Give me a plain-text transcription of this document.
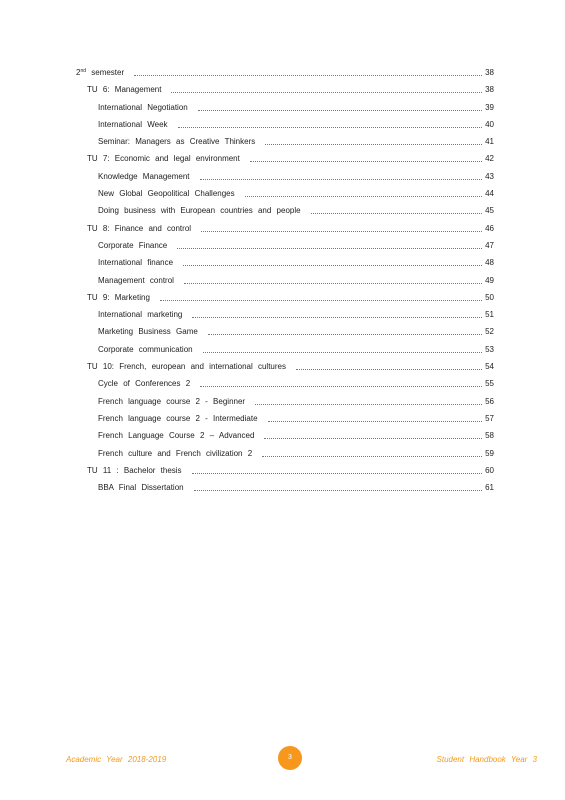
2nd semester	38
TU 6: Management	38
International Negotiation	39
International Week	40
Seminar: Managers as Creative Thinkers	41
TU 7: Economic and legal environment	42
Knowledge Management	43
New Global Geopolitical Challenges	44
Doing business with European countries and people	45
TU 8: Finance and control	46
Corporate Finance	47
International finance	48
Management control	49
TU 9: Marketing	50
International marketing	51
Marketing Business Game	52
Corporate communication	53
TU 10: French, european and international cultures	54
Cycle of Conferences 2	55
French language course 2 - Beginner	56
French language course 2 - Intermediate	57
French Language Course 2 – Advanced	58
French culture and French civilization 2	59
TU 11 : Bachelor thesis	60
BBA Final Dissertation	61
Academic Year 2018-2019	3	Student Handbook Year 3
